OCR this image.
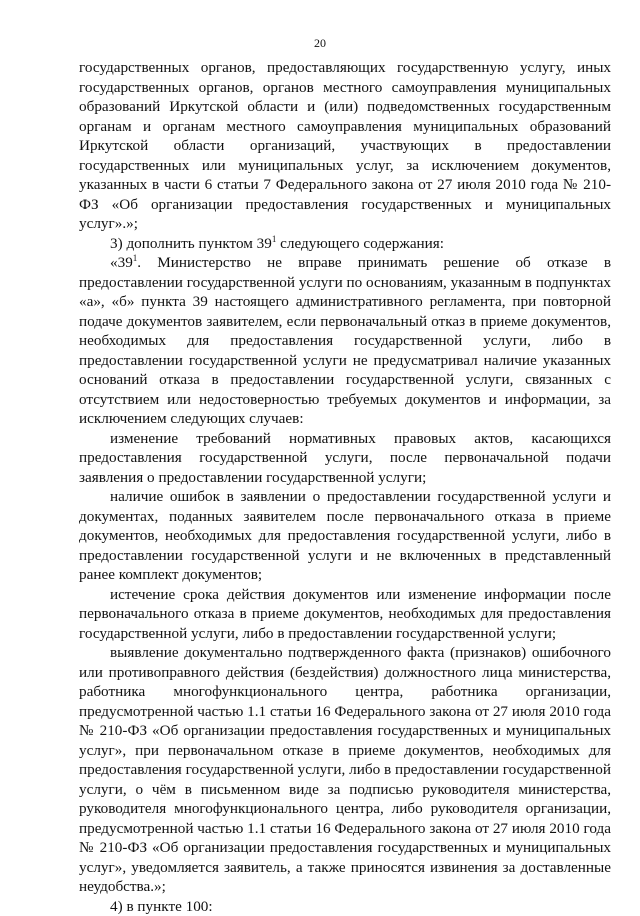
20

государственных органов, предоставляющих государственную услугу, иных государственных органов, органов местного самоуправления муниципальных образований Иркутской области и (или) подведомственных государственным органам и органам местного самоуправления муниципальных образований Иркутской области организаций, участвующих в предоставлении государственных или муниципальных услуг, за исключением документов, указанных в части 6 статьи 7 Федерального закона от 27 июля 2010 года № 210-ФЗ «Об организации предоставления государственных и муниципальных услуг».»;

3) дополнить пунктом $39^1$ следующего содержания:

«$39^1$. Министерство не вправе принимать решение об отказе в предоставлении государственной услуги по основаниям, указанным в подпунктах «а», «б» пункта 39 настоящего административного регламента, при повторной подаче документов заявителем, если первоначальный отказ в приеме документов, необходимых для предоставления государственной услуги, либо в предоставлении государственной услуги не предусматривал наличие указанных оснований отказа в предоставлении государственной услуги, связанных с отсутствием или недостоверностью требуемых документов и информации, за исключением следующих случаев:

изменение требований нормативных правовых актов, касающихся предоставления государственной услуги, после первоначальной подачи заявления о предоставлении государственной услуги;

наличие ошибок в заявлении о предоставлении государственной услуги и документах, поданных заявителем после первоначального отказа в приеме документов, необходимых для предоставления государственной услуги, либо в предоставлении государственной услуги и не включенных в представленный ранее комплект документов;

истечение срока действия документов или изменение информации после первоначального отказа в приеме документов, необходимых для предоставления государственной услуги, либо в предоставлении государственной услуги;

выявление документально подтвержденного факта (признаков) ошибочного или противоправного действия (бездействия) должностного лица министерства, работника многофункционального центра, работника организации, предусмотренной частью 1.1 статьи 16 Федерального закона от 27 июля 2010 года № 210-ФЗ «Об организации предоставления государственных и муниципальных услуг», при первоначальном отказе в приеме документов, необходимых для предоставления государственной услуги, либо в предоставлении государственной услуги, о чём в письменном виде за подписью руководителя министерства, руководителя многофункционального центра, либо руководителя организации, предусмотренной частью 1.1 статьи 16 Федерального закона от 27 июля 2010 года № 210-ФЗ «Об организации предоставления государственных и муниципальных услуг», уведомляется заявитель, а также приносятся извинения за доставленные неудобства.»;

4) в пункте 100:
